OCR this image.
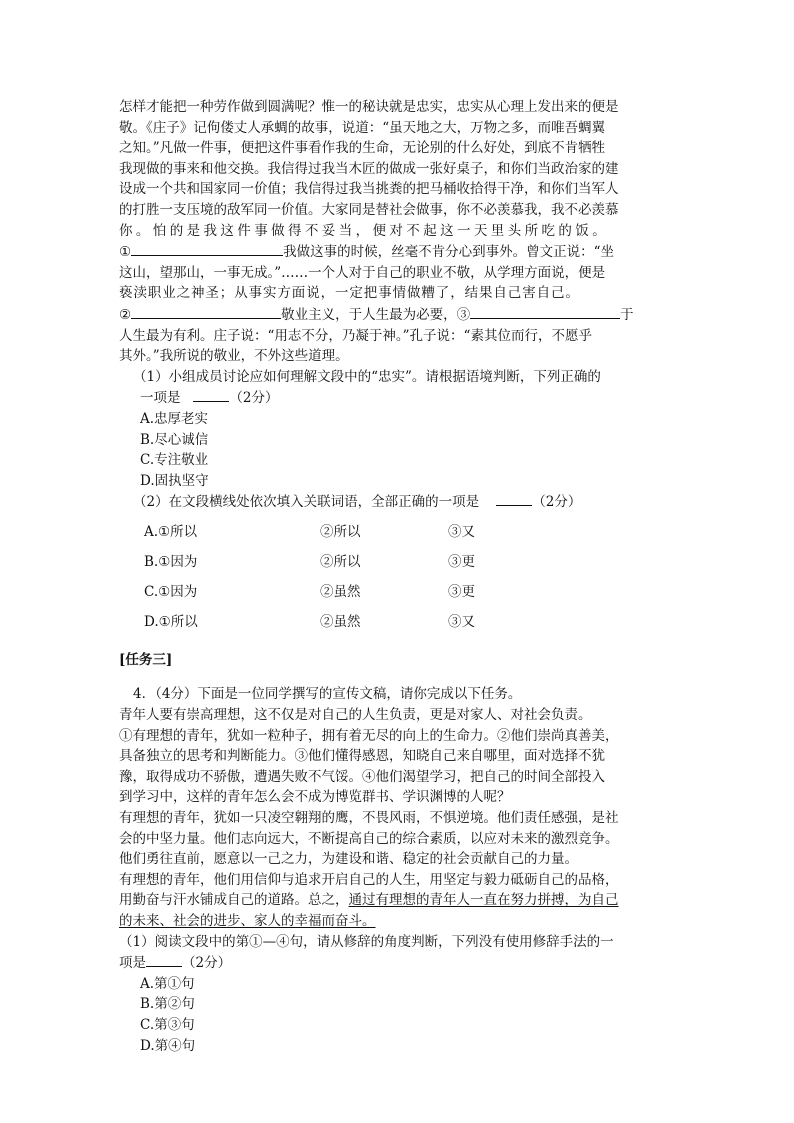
怎样才能把一种劳作做到圆满呢？惟一的秘诀就是忠实，忠实从心理上发出来的便是

敬。《庄子》记佝偻丈人承蜩的故事，说道：“虽天地之大，万物之多，而唯吾蜩翼

之知。”凡做一件事，便把这件事看作我的生命，无论别的什么好处，到底不肯牺牲

我现做的事来和他交换。我信得过我当木匠的做成一张好桌子，和你们当政治家的建

设成一个共和国家同一价值；我信得过我当挑粪的把马桶收拾得干净，和你们当军人

的打胜一支压境的敌军同一价值。大家同是替社会做事，你不必羡慕我，我不必羡慕

你。怕的是我这件事做得不妥当，便对不起这一天里头所吃的饭。

①	我做这事的时候，丝毫不肯分心到事外。曾文正说：“坐

这山，望那山，一事无成。”……一个人对于自己的职业不敬，从学理方面说，便是

亵渎职业之神圣；从事实方面说，一定把事情做糟了，结果自己害自己。

②	敬业主义，于人生最为必要，③	于

人生最为有利。庄子说：“用志不分，乃凝于神。”孔子说：“素其位而行，不愿乎

其外。”我所说的敬业，不外这些道理。

（1）小组成员讨论应如何理解文段中的“忠实”。请根据语境判断，下列正确的

一项是	（2分）

A.忠厚老实
B.尽心诚信
C.专注敬业
D.固执坚守

（2）在文段横线处依次填入关联词语，全部正确的一项是	（2分）

A.①所以	②所以	③又
B.①因为	②所以	③更
C.①因为	②虽然	③更
D.①所以	②虽然	③又

[任务三]

4．（4分）下面是一位同学撰写的宣传文稿，请你完成以下任务。

青年人要有崇高理想，这不仅是对自己的人生负责，更是对家人、对社会负责。

①有理想的青年，犹如一粒种子，拥有着无尽的向上的生命力。②他们崇尚真善美，

具备独立的思考和判断能力。③他们懂得感恩，知晓自己来自哪里，面对选择不犹

豫，取得成功不骄傲，遭遇失败不气馁。④他们渴望学习，把自己的时间全部投入

到学习中，这样的青年怎么会不成为博览群书、学识渊博的人呢？

有理想的青年，犹如一只凌空翱翔的鹰，不畏风雨，不惧逆境。他们责任感强，是社

会的中坚力量。他们志向远大，不断提高自己的综合素质，以应对未来的激烈竞争。

他们勇往直前，愿意以一己之力，为建设和谐、稳定的社会贡献自己的力量。

有理想的青年，他们用信仰与追求开启自己的人生，用坚定与毅力砥砺自己的品格，

用勤奋与汗水铺成自己的道路。总之，通过有理想的青年人一直在努力拼搏，为自己

的未来、社会的进步、家人的幸福而奋斗。

（1）阅读文段中的第①—④句，请从修辞的角度判断，下列没有使用修辞手法的一

项是	（2分）

A.第①句
B.第②句
C.第③句
D.第④句
